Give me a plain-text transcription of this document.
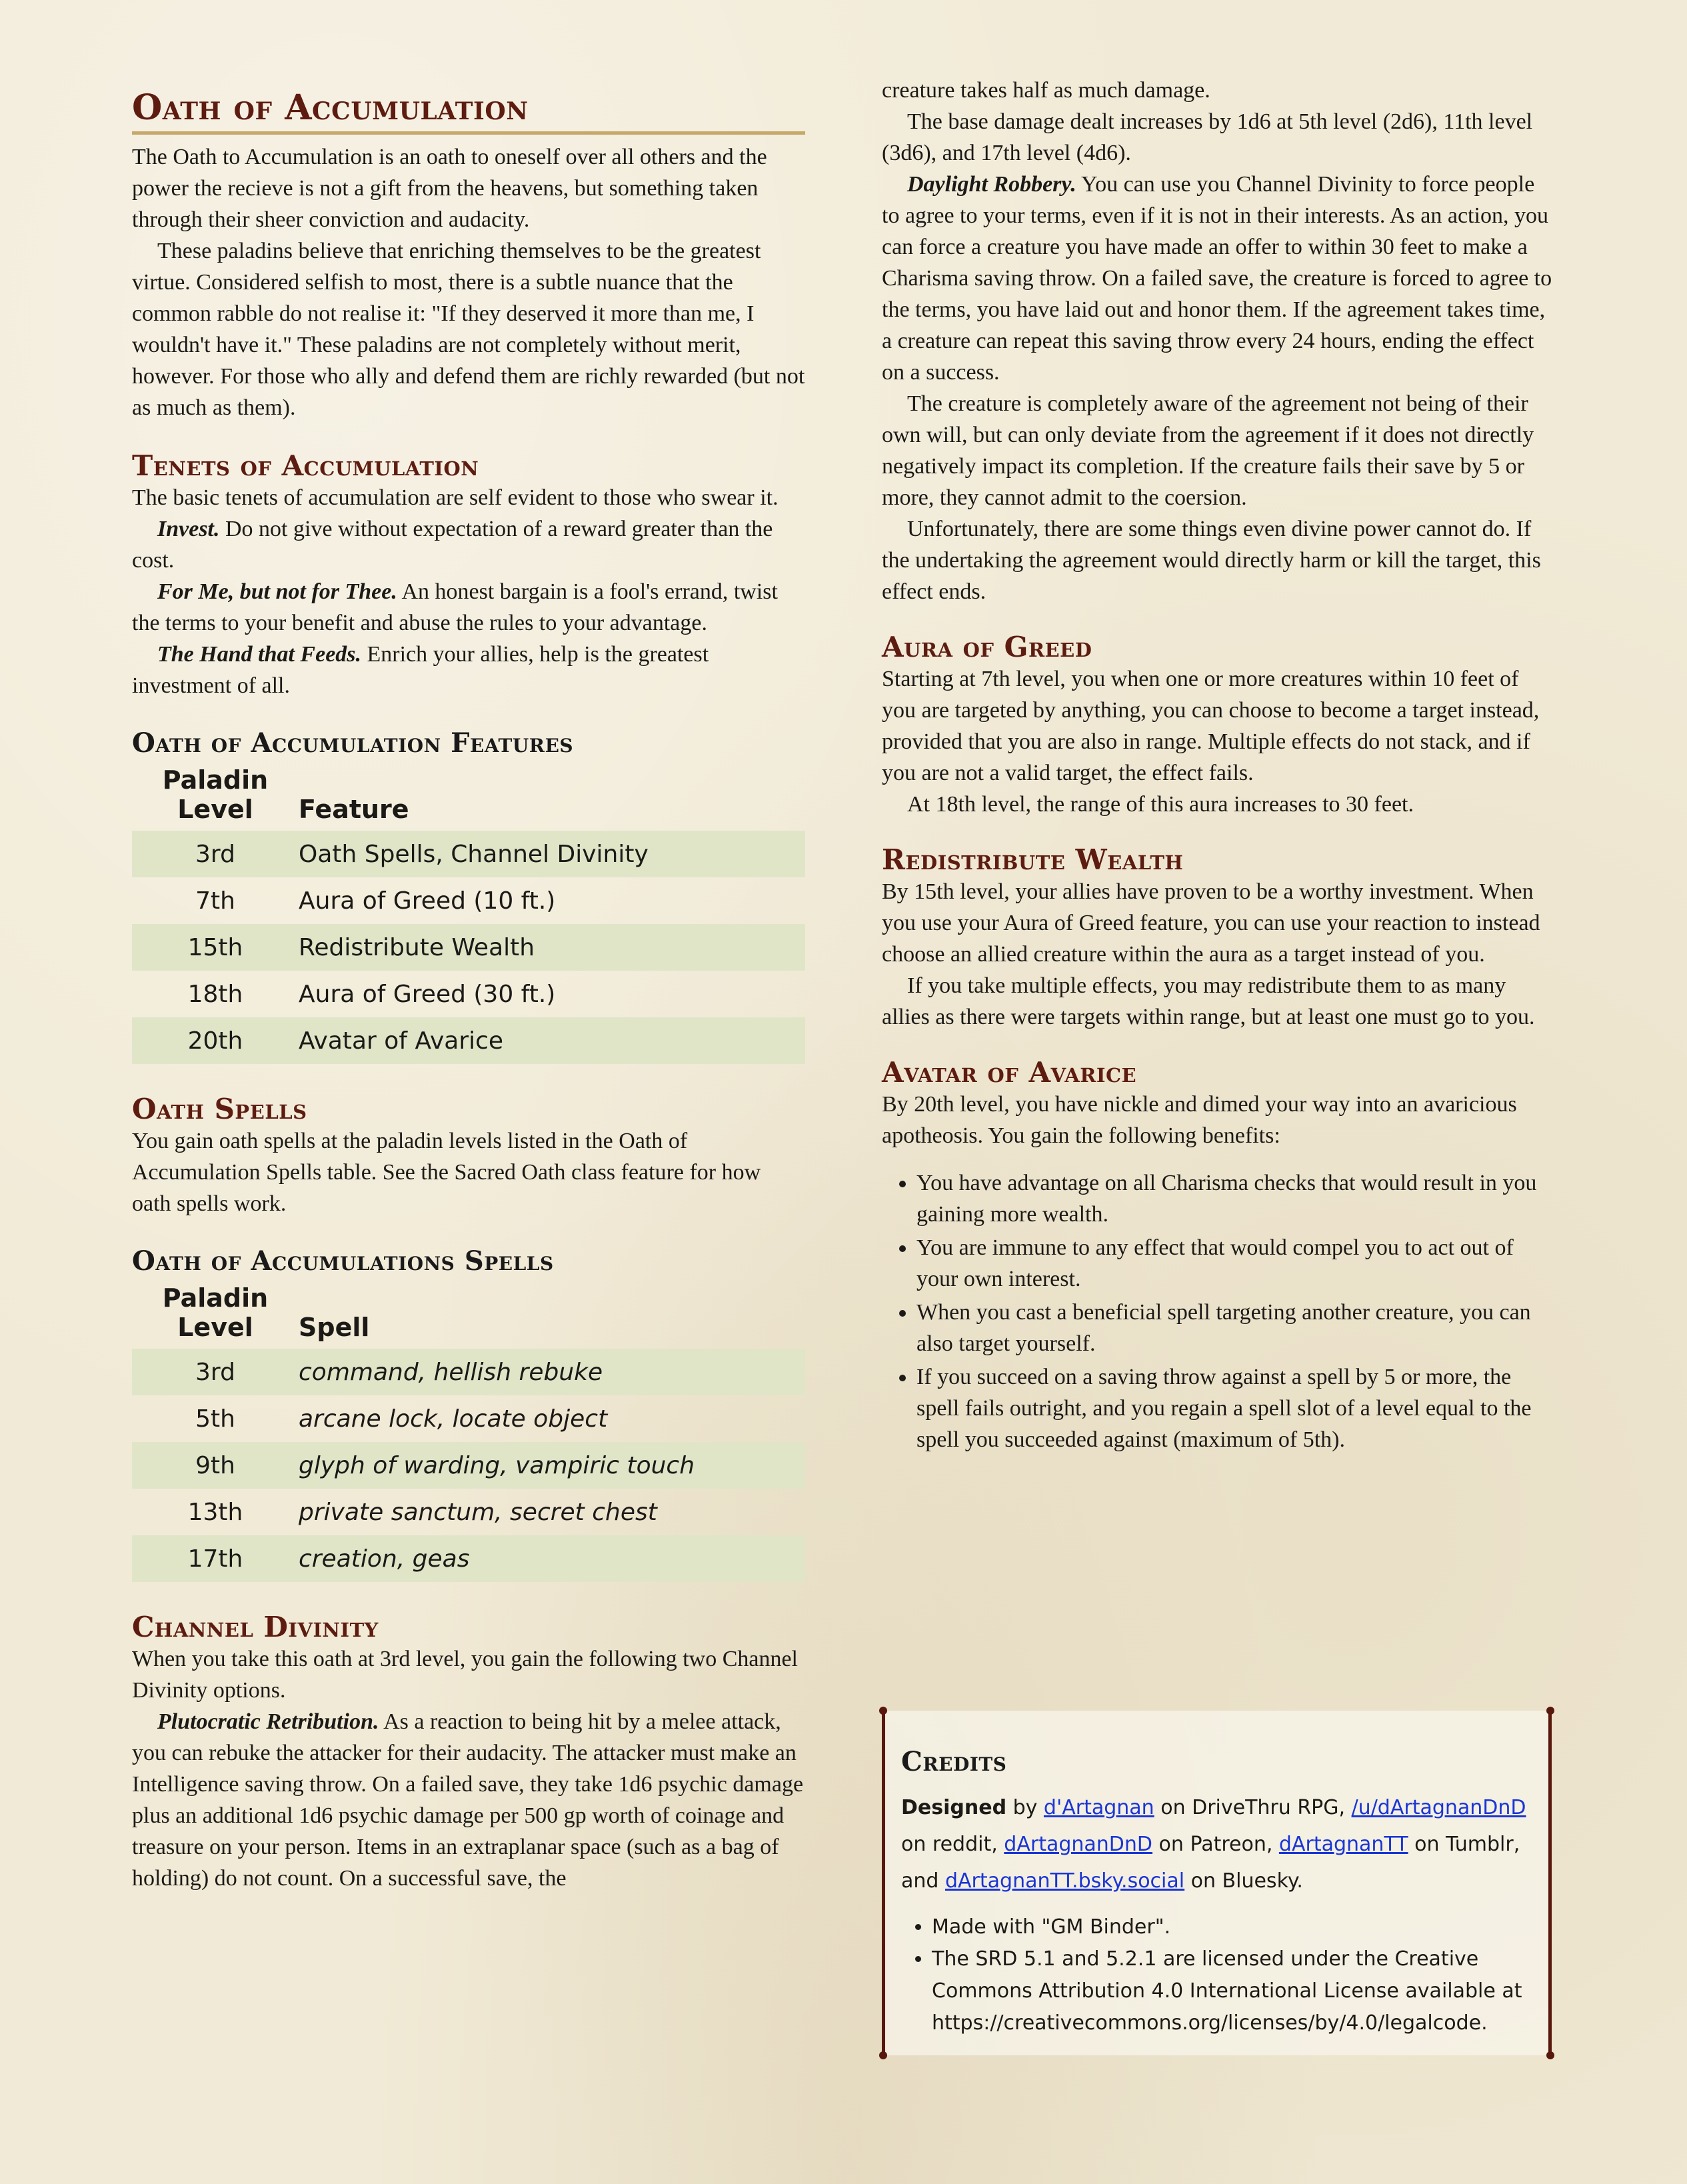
Oath of Accumulation

The Oath to Accumulation is an oath to oneself over all others and the power the recieve is not a gift from the heavens, but something taken through their sheer conviction and audacity.

These paladins believe that enriching themselves to be the greatest virtue. Considered selfish to most, there is a subtle nuance that the common rabble do not realise it: "If they deserved it more than me, I wouldn't have it." These paladins are not completely without merit, however. For those who ally and defend them are richly rewarded (but not as much as them).

Tenets of Accumulation

The basic tenets of accumulation are self evident to those who swear it.

Invest. Do not give without expectation of a reward greater than the cost.

For Me, but not for Thee. An honest bargain is a fool's errand, twist the terms to your benefit and abuse the rules to your advantage.

The Hand that Feeds. Enrich your allies, help is the greatest investment of all.

Oath of Accumulation Features
Paladin
Level	Feature
3rd	Oath Spells, Channel Divinity
7th	Aura of Greed (10 ft.)
15th	Redistribute Wealth
18th	Aura of Greed (30 ft.)
20th	Avatar of Avarice
Oath Spells

You gain oath spells at the paladin levels listed in the Oath of Accumulation Spells table. See the Sacred Oath class feature for how oath spells work.

Oath of Accumulations Spells
Paladin
Level	Spell
3rd	command, hellish rebuke
5th	arcane lock, locate object
9th	glyph of warding, vampiric touch
13th	private sanctum, secret chest
17th	creation, geas
Channel Divinity

When you take this oath at 3rd level, you gain the following two Channel Divinity options.

Plutocratic Retribution. As a reaction to being hit by a melee attack, you can rebuke the attacker for their audacity. The attacker must make an Intelligence saving throw. On a failed save, they take 1d6 psychic damage plus an additional 1d6 psychic damage per 500 gp worth of coinage and treasure on your person. Items in an extraplanar space (such as a bag of holding) do not count. On a successful save, the

creature takes half as much damage.

The base damage dealt increases by 1d6 at 5th level (2d6), 11th level (3d6), and 17th level (4d6).

Daylight Robbery. You can use you Channel Divinity to force people to agree to your terms, even if it is not in their interests. As an action, you can force a creature you have made an offer to within 30 feet to make a Charisma saving throw. On a failed save, the creature is forced to agree to the terms, you have laid out and honor them. If the agreement takes time, a creature can repeat this saving throw every 24 hours, ending the effect on a success.

The creature is completely aware of the agreement not being of their own will, but can only deviate from the agreement if it does not directly negatively impact its completion. If the creature fails their save by 5 or more, they cannot admit to the coersion.

Unfortunately, there are some things even divine power cannot do. If the undertaking the agreement would directly harm or kill the target, this effect ends.

Aura of Greed

Starting at 7th level, you when one or more creatures within 10 feet of you are targeted by anything, you can choose to become a target instead, provided that you are also in range. Multiple effects do not stack, and if you are not a valid target, the effect fails.

At 18th level, the range of this aura increases to 30 feet.

Redistribute Wealth

By 15th level, your allies have proven to be a worthy investment. When you use your Aura of Greed feature, you can use your reaction to instead choose an allied creature within the aura as a target instead of you.

If you take multiple effects, you may redistribute them to as many allies as there were targets within range, but at least one must go to you.

Avatar of Avarice

By 20th level, you have nickle and dimed your way into an avaricious apotheosis. You gain the following benefits:

• You have advantage on all Charisma checks that would result in you gaining more wealth.
• You are immune to any effect that would compel you to act out of your own interest.
• When you cast a beneficial spell targeting another creature, you can also target yourself.
• If you succeed on a saving throw against a spell by 5 or more, the spell fails outright, and you regain a spell slot of a level equal to the spell you succeeded against (maximum of 5th).
Credits
Designed by d'Artagnan on DriveThru RPG, /u/dArtagnanDnD on reddit, dArtagnanDnD on Patreon, dArtagnanTT on Tumblr, and dArtagnanTT.bsky.social on Bluesky.
• Made with "GM Binder".
• The SRD 5.1 and 5.2.1 are licensed under the Creative Commons Attribution 4.0 International License available at https://creativecommons.org/licenses/by/4.0/legalcode.
